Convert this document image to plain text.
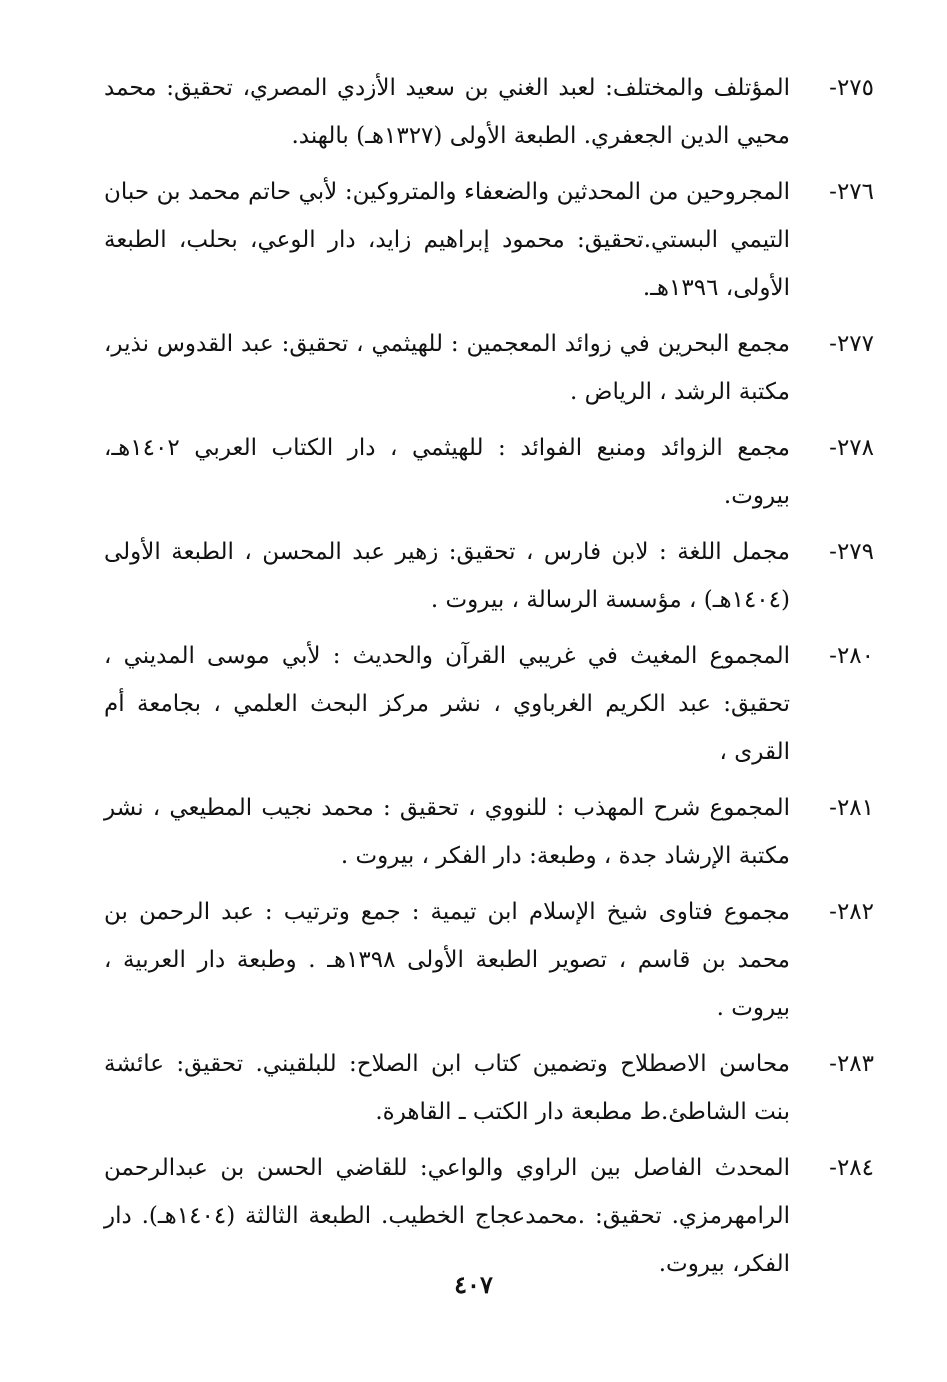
٢٧٥-
المؤتلف والمختلف: لعبد الغني بن سعيد الأزدي المصري، تحقيق: محمد محيي الدين الجعفري. الطبعة الأولى (١٣٢٧هـ) بالهند.
٢٧٦-
المجروحين من المحدثين والضعفاء والمتروكين: لأبي حاتم محمد بن حبان التيمي البستي.تحقيق: محمود إبراهيم زايد، دار الوعي، بحلب، الطبعة الأولى، ١٣٩٦هـ.
٢٧٧-
مجمع البحرين في زوائد المعجمين : للهيثمي ، تحقيق: عبد القدوس نذير، مكتبة الرشد ، الرياض .
٢٧٨-
مجمع الزوائد ومنبع الفوائد : للهيثمي ، دار الكتاب العربي ١٤٠٢هـ، بيروت.
٢٧٩-
مجمل اللغة : لابن فارس ، تحقيق: زهير عبد المحسن ، الطبعة الأولى (١٤٠٤هـ) ، مؤسسة الرسالة ، بيروت .
٢٨٠-
المجموع المغيث في غريبي القرآن والحديث : لأبي موسى المديني ، تحقيق: عبد الكريم الغرباوي ، نشر مركز البحث العلمي ، بجامعة أم القرى ،
٢٨١-
المجموع شرح المهذب : للنووي ، تحقيق : محمد نجيب المطيعي ، نشر مكتبة الإرشاد جدة ، وطبعة: دار الفكر ، بيروت .
٢٨٢-
مجموع فتاوى شيخ الإسلام ابن تيمية : جمع وترتيب : عبد الرحمن بن محمد بن قاسم ، تصوير الطبعة الأولى ١٣٩٨هـ . وطبعة دار العربية ، بيروت .
٢٨٣-
محاسن الاصطلاح وتضمين كتاب ابن الصلاح: للبلقيني. تحقيق: عائشة بنت الشاطئ.ط مطبعة دار الكتب ـ القاهرة.
٢٨٤-
المحدث الفاصل بين الراوي والواعي: للقاضي الحسن بن عبدالرحمن الرامهرمزي. تحقيق: .محمدعجاج الخطيب. الطبعة الثالثة (١٤٠٤هـ). دار الفكر، بيروت.
٤٠٧
